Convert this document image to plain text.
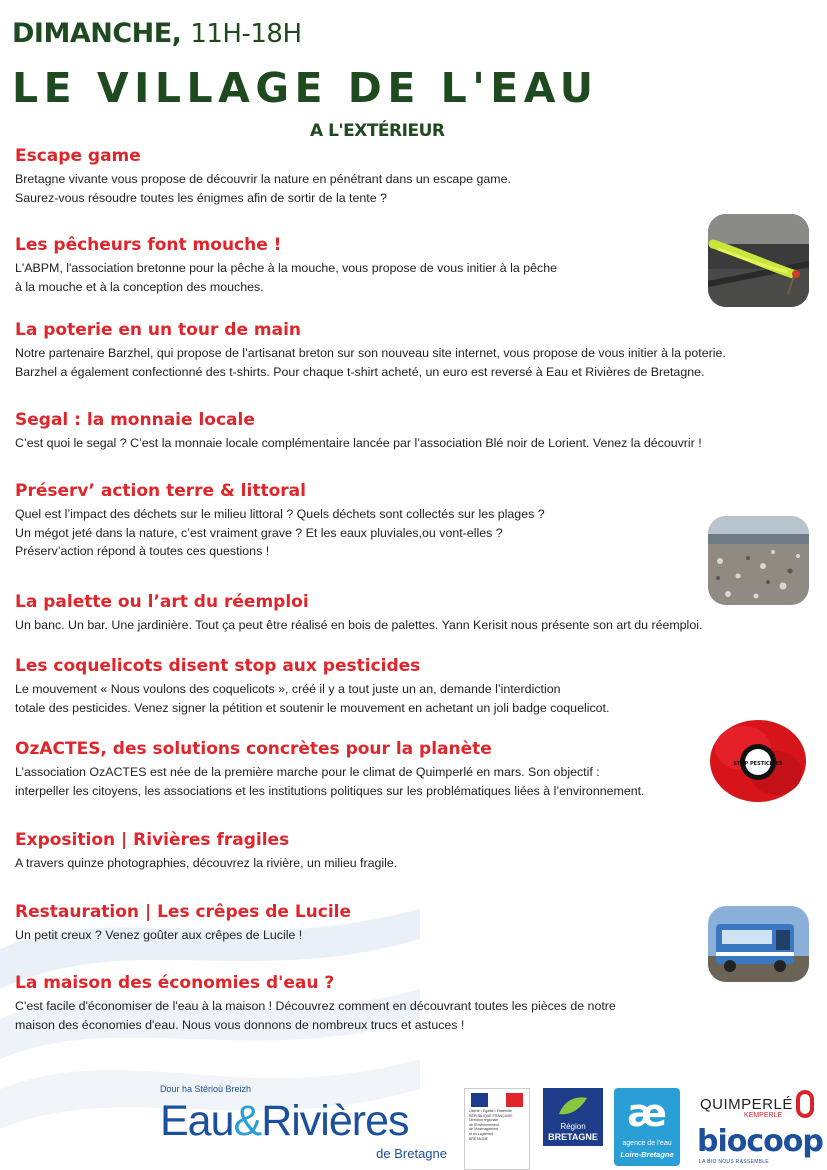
DIMANCHE, 11H-18H
LE VILLAGE DE L'EAU
A L'EXTÉRIEUR
Escape game

Bretagne vivante vous propose de découvrir la nature en pénétrant dans un escape game.
Saurez-vous résoudre toutes les énigmes afin de sortir de la tente ?

Les pêcheurs font mouche !

L'ABPM, l'association bretonne pour la pêche à la mouche, vous propose de vous initier à la pêche
à la mouche et à la conception des mouches.

La poterie en un tour de main

Notre partenaire Barzhel, qui propose de l’artisanat breton sur son nouveau site internet, vous propose de vous initier à la poterie.
Barzhel a également confectionné des t-shirts. Pour chaque t-shirt acheté, un euro est reversé à Eau et Rivières de Bretagne.

Segal : la monnaie locale

C’est quoi le segal ? C’est la monnaie locale complémentaire lancée par l’association Blé noir de Lorient. Venez la découvrir !

Préserv’ action terre & littoral

Quel est l’impact des déchets sur le milieu littoral ? Quels déchets sont collectés sur les plages ?
Un mégot jeté dans la nature, c’est vraiment grave ? Et les eaux pluviales,ou vont-elles ?
Préserv’action répond à toutes ces questions !

La palette ou l’art du réemploi

Un banc. Un bar. Une jardinière. Tout ça peut être réalisé en bois de palettes. Yann Kerisit nous présente son art du réemploi.

Les coquelicots disent stop aux pesticides

Le mouvement « Nous voulons des coquelicots », créé il y a tout juste un an, demande l’interdiction
totale des pesticides. Venez signer la pétition et soutenir le mouvement en achetant un joli badge coquelicot.

OzACTES, des solutions concrètes pour la planète

L’association OzACTES est née de la première marche pour le climat de Quimperlé en mars. Son objectif :
interpeller les citoyens, les associations et les institutions politiques sur les problématiques liées à l’environnement.

Exposition | Rivières fragiles

A travers quinze photographies, découvrez la rivière, un milieu fragile.

Restauration | Les crêpes de Lucile

Un petit creux ? Venez goûter aux crêpes de Lucile !

La maison des économies d'eau ?

C'est facile d'économiser de l'eau à la maison ! Découvrez comment en découvrant toutes les pièces de notre
maison des économies d'eau. Nous vous donnons de nombreux trucs et astuces !

STOP PESTICIDES
Dour ha Stêrioù Breizh
Eau&Rivières
de Bretagne
Liberté • Égalité • Fraternité
RÉPUBLIQUE FRANÇAISE
Direction régionale
de l'Environnement,
de l'Aménagement
et du Logement
BRETAGNE
Région
BRETAGNE
æ
agence de l'eau
Loire-Bretagne
QUIMPERLÉ
KEMPERLE
biocoop
LA BIO NOUS RASSEMBLE
